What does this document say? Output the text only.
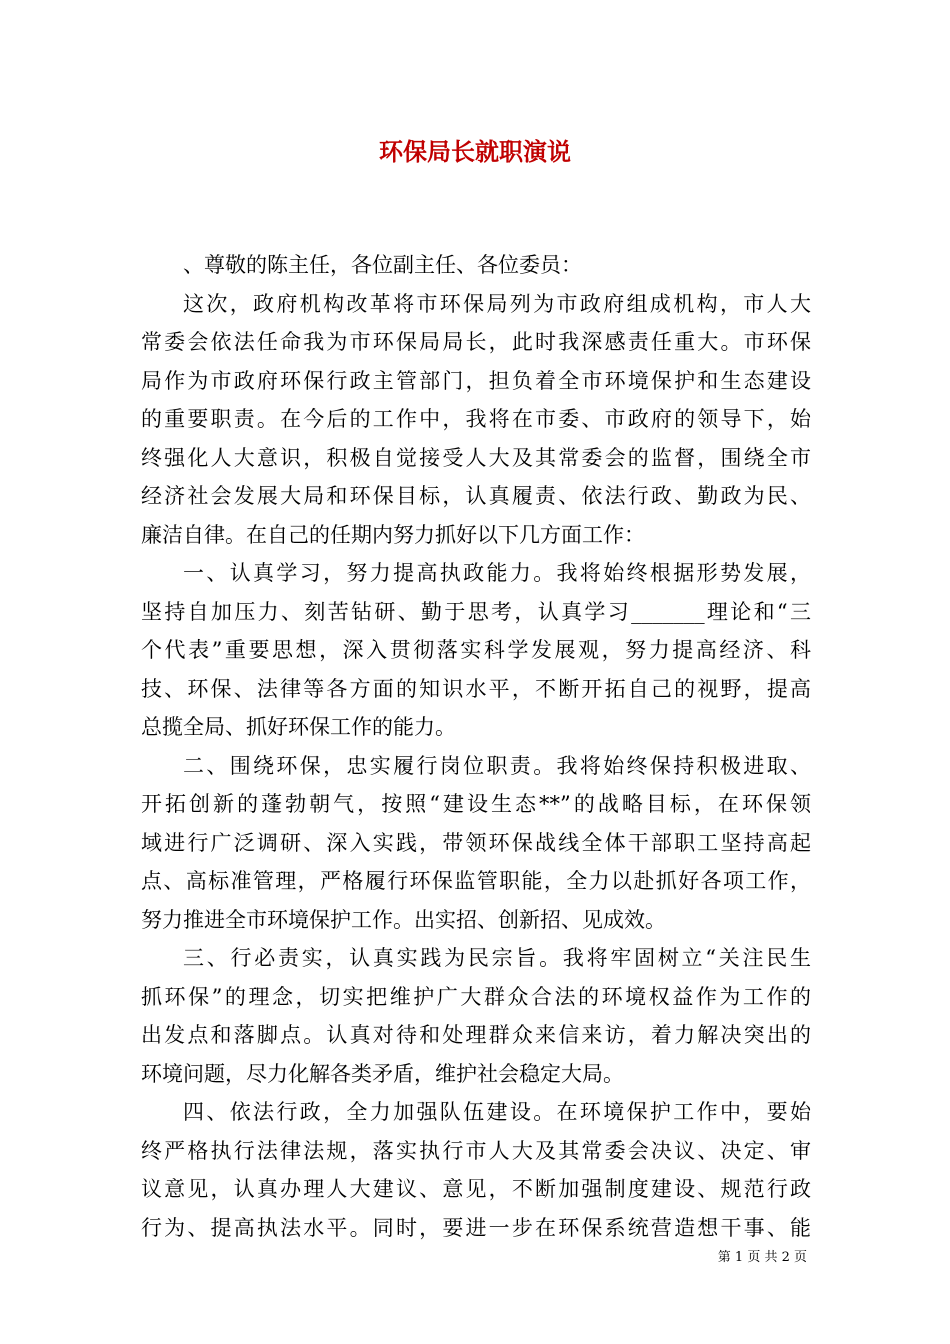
环保局长就职演说
、尊敬的陈主任，各位副主任、各位委员：
这次，政府机构改革将市环保局列为市政府组成机构，市人大
常委会依法任命我为市环保局局长，此时我深感责任重大。市环保
局作为市政府环保行政主管部门，担负着全市环境保护和生态建设
的重要职责。在今后的工作中，我将在市委、市政府的领导下，始
终强化人大意识，积极自觉接受人大及其常委会的监督，围绕全市
经济社会发展大局和环保目标，认真履责、依法行政、勤政为民、
廉洁自律。在自己的任期内努力抓好以下几方面工作：
一、认真学习，努力提高执政能力。我将始终根据形势发展，
坚持自加压力、刻苦钻研、勤于思考，认真学习_______理论和“三
个代表”重要思想，深入贯彻落实科学发展观，努力提高经济、科
技、环保、法律等各方面的知识水平，不断开拓自己的视野，提高
总揽全局、抓好环保工作的能力。
二、围绕环保，忠实履行岗位职责。我将始终保持积极进取、
开拓创新的蓬勃朝气，按照“建设生态**”的战略目标，在环保领
域进行广泛调研、深入实践，带领环保战线全体干部职工坚持高起
点、高标准管理，严格履行环保监管职能，全力以赴抓好各项工作，
努力推进全市环境保护工作。出实招、创新招、见成效。
三、行必责实，认真实践为民宗旨。我将牢固树立“关注民生
抓环保”的理念，切实把维护广大群众合法的环境权益作为工作的
出发点和落脚点。认真对待和处理群众来信来访，着力解决突出的
环境问题，尽力化解各类矛盾，维护社会稳定大局。
四、依法行政，全力加强队伍建设。在环境保护工作中，要始
终严格执行法律法规，落实执行市人大及其常委会决议、决定、审
议意见，认真办理人大建议、意见，不断加强制度建设、规范行政
行为、提高执法水平。同时，要进一步在环保系统营造想干事、能
第 1 页 共 2 页
